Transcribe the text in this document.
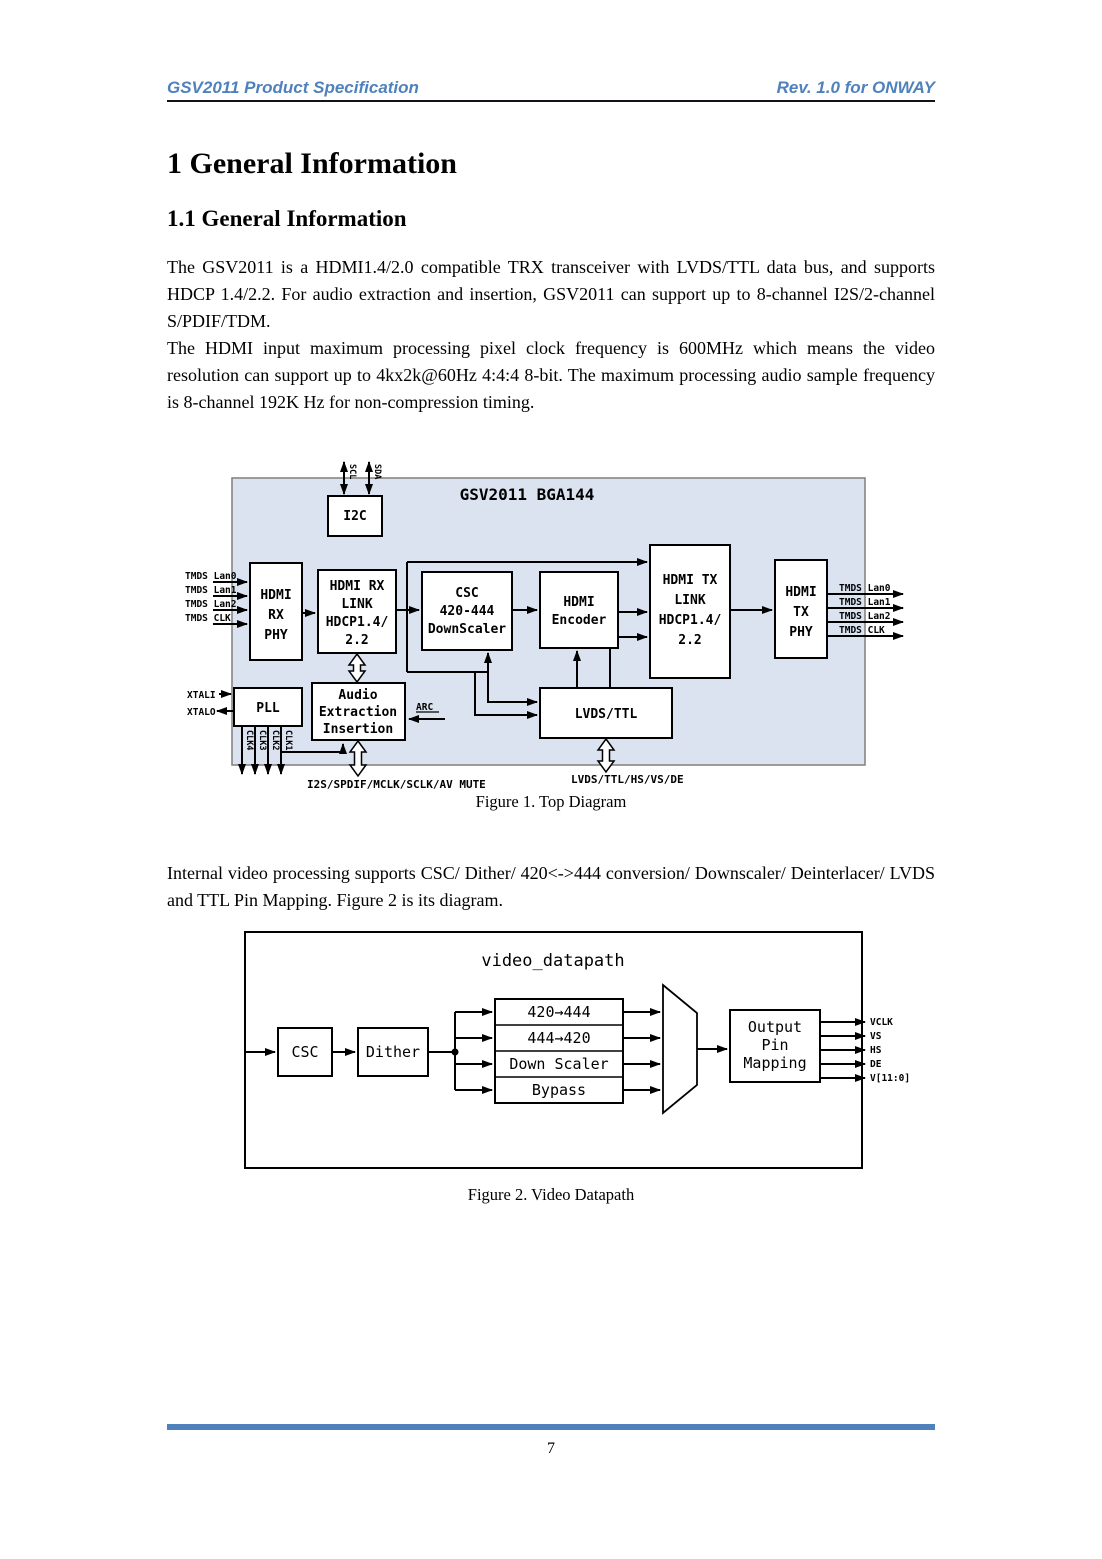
GSV2011 Product Specification	Rev. 1.0 for ONWAY
1 General Information
1.1 General Information

The GSV2011 is a HDMI1.4/2.0 compatible TRX transceiver with LVDS/TTL data bus, and supports HDCP 1.4/2.2. For audio extraction and insertion, GSV2011 can support up to 8-channel I2S/2-channel S/PDIF/TDM.

The HDMI input maximum processing pixel clock frequency is 600MHz which means the video resolution can support up to 4kx2k@60Hz 4:4:4 8-bit. The maximum processing audio sample frequency is 8-channel 192K Hz for non-compression timing.

GSV2011 BGA144
SCL SDA
I2C
HDMI
RX
PHY
HDMI RX
LINK
HDCP1.4/
2.2
CSC
420-444
DownScaler
HDMI
Encoder
HDMI TX
LINK
HDCP1.4/
2.2
HDMI
TX
PHY
PLL
Audio
Extraction
Insertion
LVDS/TTL
TMDS Lan0
TMDS Lan1
TMDS Lan2
TMDS CLK
TMDS Lan0
TMDS Lan1
TMDS Lan2
TMDS CLK
XTALI
XTALO
CLK4 CLK3 CLK2 CLK1
ARC
I2S/SPDIF/MCLK/SCLK/AV MUTE	LVDS/TTL/HS/VS/DE
Figure 1. Top Diagram

Internal video processing supports CSC/ Dither/ 420<->444 conversion/ Downscaler/ Deinterlacer/ LVDS and TTL Pin Mapping. Figure 2 is its diagram.

video_datapath
CSC	Dither
420→444
444→420
Down Scaler
Bypass
Output
Pin
Mapping
VCLK
VS
HS
DE
V[11:0]
Figure 2. Video Datapath
7
